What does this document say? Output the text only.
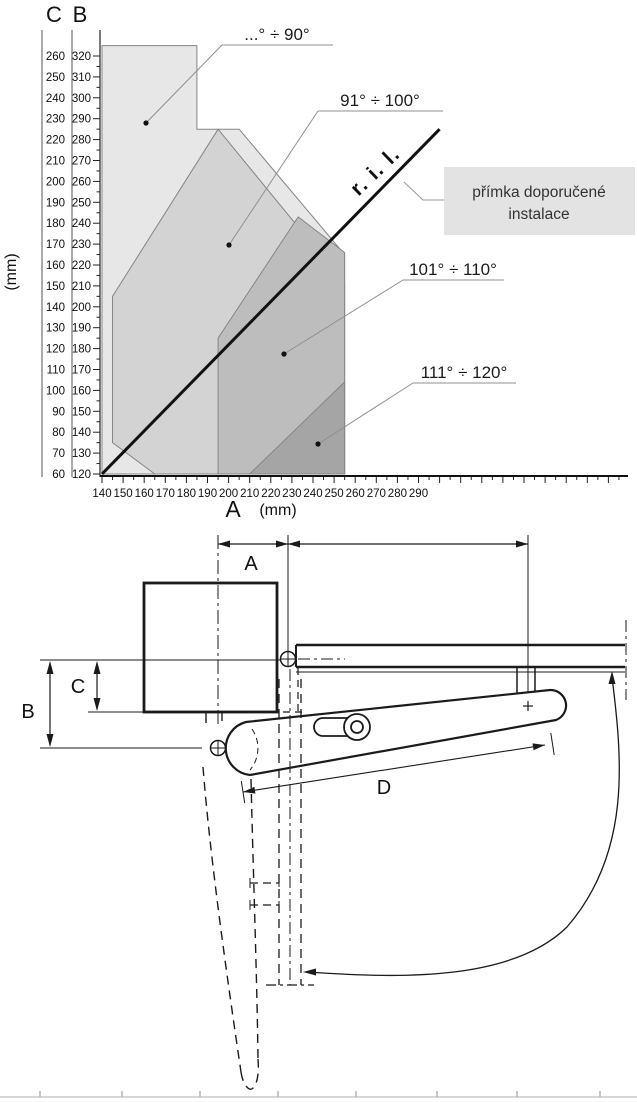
140 150 160 170 180 190 200 210 220 230 240 250 260 270 280 290
320
260
310
250
300
240
290
230
280
220
270
210
260
200
250
190
240
180
230
170
220
160
210
150
200
140
190
130
180
120
170
110
160
100
150
90
140
80
130
70
120
60
C B
(mm)
A (mm)
...° ÷ 90°
91° ÷ 100°
101° ÷ 110°
111° ÷ 120°
r. i. l.	přímka doporučené
instalace
A
B
C
D
